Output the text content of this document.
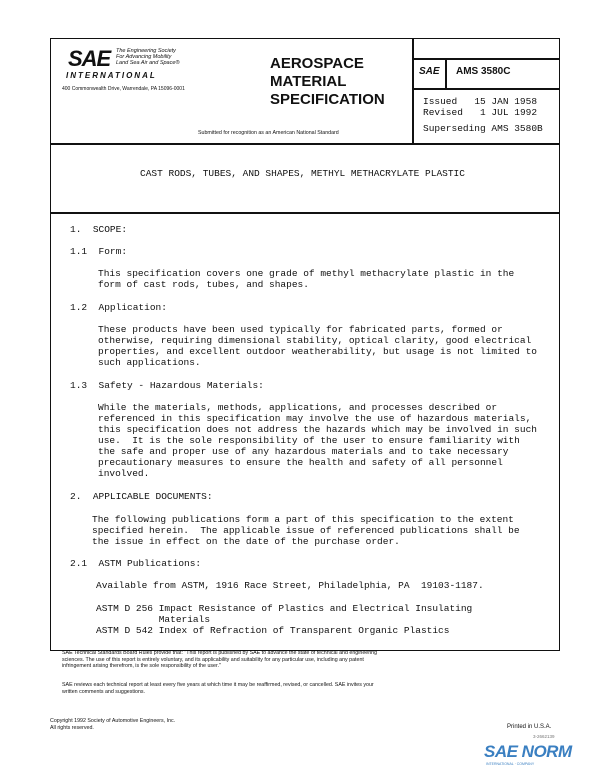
SAE The Engineering Society
For Advancing Mobility
Land Sea Air and Space®
INTERNATIONAL
400 Commonwealth Drive, Warrendale, PA 15096-0001
AEROSPACE
MATERIAL
SPECIFICATION
Submitted for recognition as an American National Standard
SAE AMS 3580C
Issued 15 JAN 1958
Revised 1 JUL 1992
Superseding AMS 3580B
CAST RODS, TUBES, AND SHAPES, METHYL METHACRYLATE PLASTIC
1. SCOPE:
1.1 Form:
This specification covers one grade of methyl methacrylate plastic in the
form of cast rods, tubes, and shapes.
1.2 Application:
These products have been used typically for fabricated parts, formed or
otherwise, requiring dimensional stability, optical clarity, good electrical
properties, and excellent outdoor weatherability, but usage is not limited to
such applications.
1.3 Safety - Hazardous Materials:
While the materials, methods, applications, and processes described or
referenced in this specification may involve the use of hazardous materials,
this specification does not address the hazards which may be involved in such
use.  It is the sole responsibility of the user to ensure familiarity with
the safe and proper use of any hazardous materials and to take necessary
precautionary measures to ensure the health and safety of all personnel
involved.
2. APPLICABLE DOCUMENTS:
The following publications form a part of this specification to the extent
specified herein.  The applicable issue of referenced publications shall be
the issue in effect on the date of the purchase order.
2.1 ASTM Publications:
Available from ASTM, 1916 Race Street, Philadelphia, PA  19103-1187.
ASTM D 256 Impact Resistance of Plastics and Electrical Insulating
Materials
ASTM D 542 Index of Refraction of Transparent Organic Plastics
SAE Technical Standards Board Rules provide that: "This report is published by SAE to advance the state of technical and engineering
sciences. The use of this report is entirely voluntary, and its applicability and suitability for any particular use, including any patent
infringement arising therefrom, is the sole responsibility of the user."
SAE reviews each technical report at least every five years at which time it may be reaffirmed, revised, or cancelled. SAE invites your
written comments and suggestions.
Copyright 1992 Society of Automotive Engineers, Inc.
All rights reserved.	Printed in U.S.A.
3-2662139
SAE NORM
INTERNATIONAL · COMPANY
